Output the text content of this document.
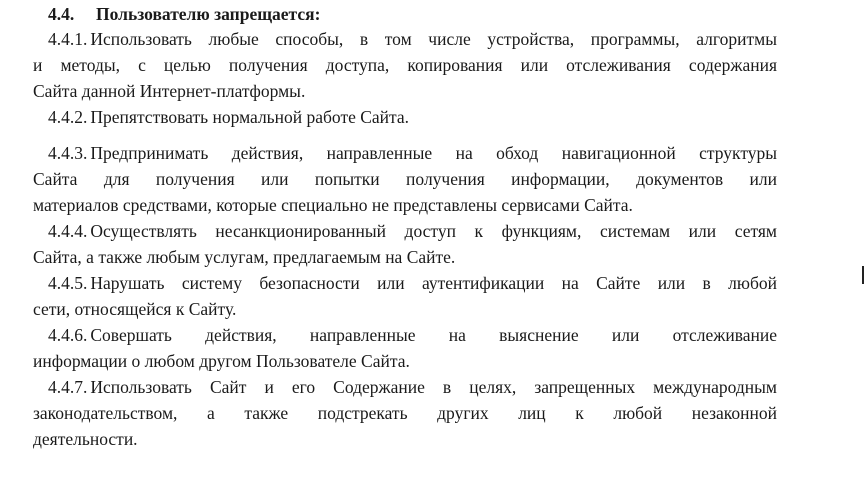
4.4. Пользователю запрещается:
4.4.1. Использовать любые способы, в том числе устройства, программы, алгоритмы
и методы, с целью получения доступа, копирования или отслеживания содержания
Сайта данной Интернет-платформы.
4.4.2. Препятствовать нормальной работе Сайта.
4.4.3. Предпринимать действия, направленные на обход навигационной структуры
Сайта для получения или попытки получения информации, документов или
материалов средствами, которые специально не представлены сервисами Сайта.
4.4.4. Осуществлять несанкционированный доступ к функциям, системам или сетям
Сайта, а также любым услугам, предлагаемым на Сайте.
4.4.5. Нарушать систему безопасности или аутентификации на Сайте или в любой
сети, относящейся к Сайту.
4.4.6. Совершать действия, направленные на выяснение или отслеживание
информации о любом другом Пользователе Сайта.
4.4.7. Использовать Сайт и его Содержание в целях, запрещенных международным
законодательством, а также подстрекать других лиц к любой незаконной
деятельности.
